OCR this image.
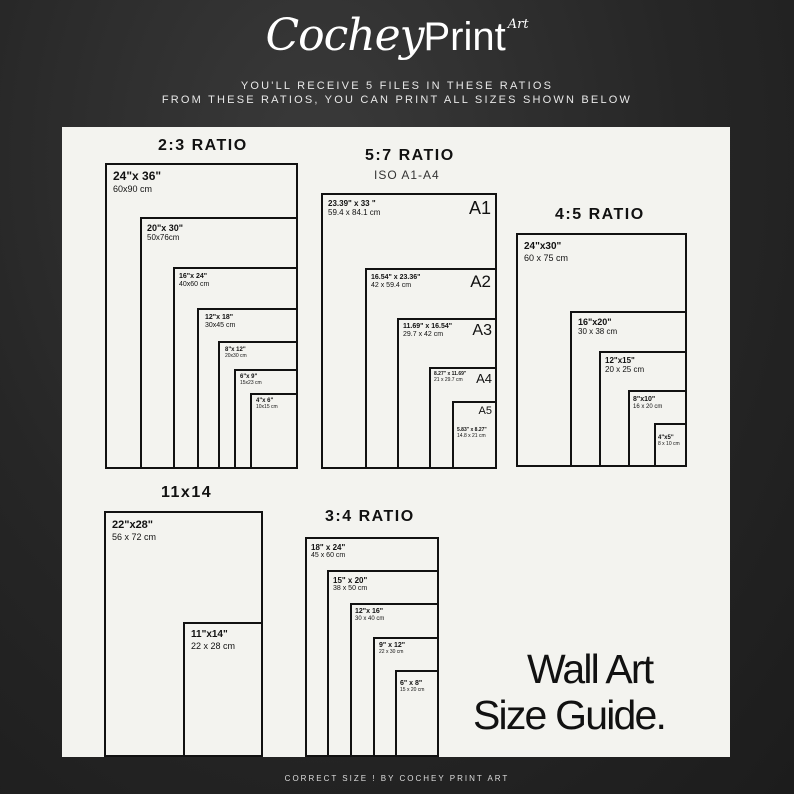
CocheyPrint $^{Art}$
YOU'LL RECEIVE 5 FILES IN THESE RATIOS
FROM THESE RATIOS, YOU CAN PRINT ALL SIZES SHOWN BELOW
2:3 RATIO
24"x 36"
60x90 cm
20"x 30"
50x76cm
16"x 24"
40x60 cm
12"x 18"
30x45 cm
8"x 12"
20x30 cm
6"x 9"
15x23 cm
4"x 6"
10x15 cm
5:7 RATIO
ISO A1-A4
23.39" x 33 "
59.4 x 84.1 cm	A1
16.54" x 23.36"
42 x 59.4 cm	A2
11.69" x 16.54"
29.7 x 42 cm	A3
8.27" x 11.69"
21 x 29.7 cm A4
A5
5.83" x 8.27"
14.8 x 21 cm
4:5 RATIO
24"x30"
60 x 75 cm
16"x20"
30 x 38 cm
12"x15"
20 x 25 cm
8"x10"
16 x 20 cm
4"x5"
8 x 10 cm
11x14
22"x28"
56 x 72 cm
11"x14"
22 x 28 cm
3:4 RATIO
18" x 24"
45 x 60 cm
15" x 20"
38 x 50 cm
12"x 16"
30 x 40 cm
9" x 12"
22 x 30 cm
6" x 8"
15 x 20 cm	Wall Art
Size Guide.
CORRECT SIZE ! BY COCHEY PRINT ART
